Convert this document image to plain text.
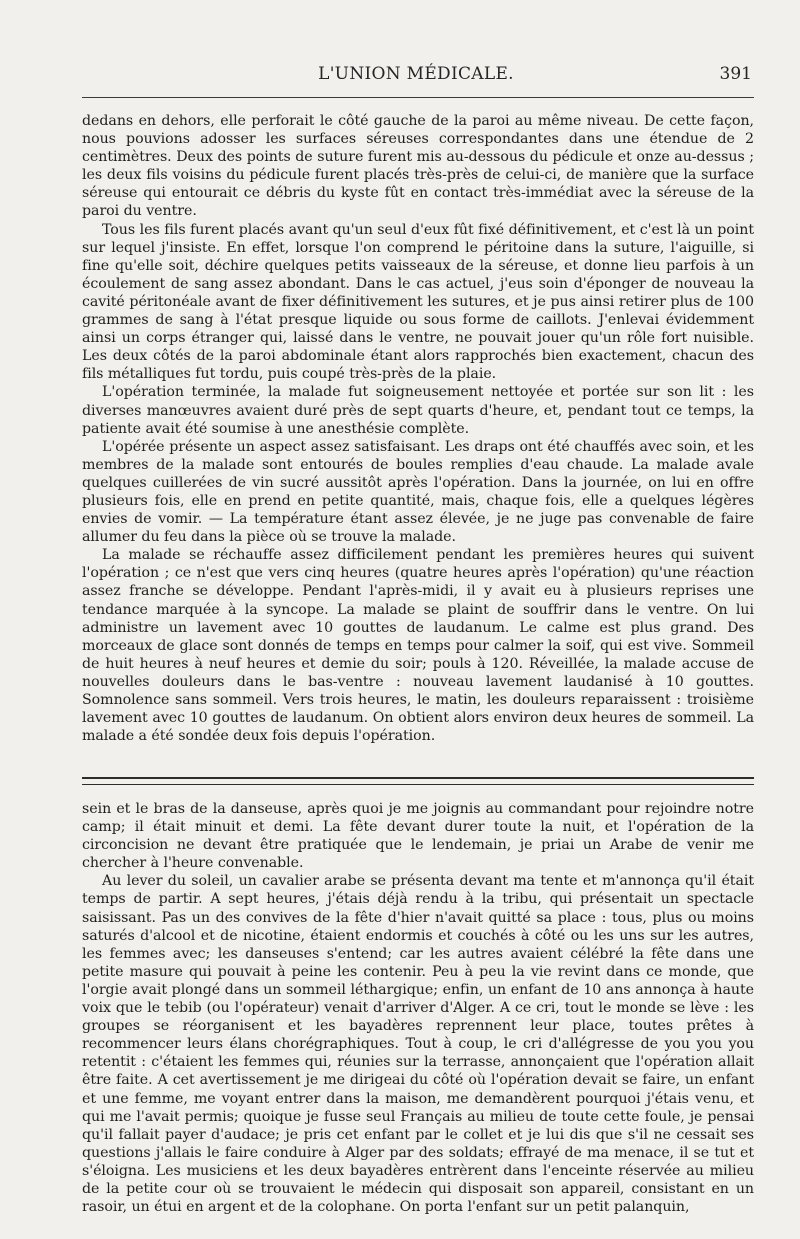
L'UNION MÉDICALE.	391

dedans en dehors, elle perforait le côté gauche de la paroi au même niveau. De cette façon, nous pouvions adosser les surfaces séreuses correspondantes dans une étendue de 2 centimètres. Deux des points de suture furent mis au-dessous du pédicule et onze au-dessus ; les deux fils voisins du pédicule furent placés très-près de celui-ci, de manière que la surface séreuse qui entourait ce débris du kyste fût en contact très-immédiat avec la séreuse de la paroi du ventre.

Tous les fils furent placés avant qu'un seul d'eux fût fixé définitivement, et c'est là un point sur lequel j'insiste. En effet, lorsque l'on comprend le péritoine dans la suture, l'aiguille, si fine qu'elle soit, déchire quelques petits vaisseaux de la séreuse, et donne lieu parfois à un écoulement de sang assez abondant. Dans le cas actuel, j'eus soin d'éponger de nouveau la cavité péritonéale avant de fixer définitivement les sutures, et je pus ainsi retirer plus de 100 grammes de sang à l'état presque liquide ou sous forme de caillots. J'enlevai évidemment ainsi un corps étranger qui, laissé dans le ventre, ne pouvait jouer qu'un rôle fort nuisible. Les deux côtés de la paroi abdominale étant alors rapprochés bien exactement, chacun des fils métalliques fut tordu, puis coupé très-près de la plaie.

L'opération terminée, la malade fut soigneusement nettoyée et portée sur son lit : les diverses manœuvres avaient duré près de sept quarts d'heure, et, pendant tout ce temps, la patiente avait été soumise à une anesthésie complète.

L'opérée présente un aspect assez satisfaisant. Les draps ont été chauffés avec soin, et les membres de la malade sont entourés de boules remplies d'eau chaude. La malade avale quelques cuillerées de vin sucré aussitôt après l'opération. Dans la journée, on lui en offre plusieurs fois, elle en prend en petite quantité, mais, chaque fois, elle a quelques légères envies de vomir. — La température étant assez élevée, je ne juge pas convenable de faire allumer du feu dans la pièce où se trouve la malade.

La malade se réchauffe assez difficilement pendant les premières heures qui suivent l'opération ; ce n'est que vers cinq heures (quatre heures après l'opération) qu'une réaction assez franche se développe. Pendant l'après-midi, il y avait eu à plusieurs reprises une tendance marquée à la syncope. La malade se plaint de souffrir dans le ventre. On lui administre un lavement avec 10 gouttes de laudanum. Le calme est plus grand. Des morceaux de glace sont donnés de temps en temps pour calmer la soif, qui est vive. Sommeil de huit heures à neuf heures et demie du soir; pouls à 120. Réveillée, la malade accuse de nouvelles douleurs dans le bas-ventre : nouveau lavement laudanisé à 10 gouttes. Somnolence sans sommeil. Vers trois heures, le matin, les douleurs reparaissent : troisième lavement avec 10 gouttes de laudanum. On obtient alors environ deux heures de sommeil. La malade a été sondée deux fois depuis l'opération.

sein et le bras de la danseuse, après quoi je me joignis au commandant pour rejoindre notre camp; il était minuit et demi. La fête devant durer toute la nuit, et l'opération de la circoncision ne devant être pratiquée que le lendemain, je priai un Arabe de venir me chercher à l'heure convenable.

Au lever du soleil, un cavalier arabe se présenta devant ma tente et m'annonça qu'il était temps de partir. A sept heures, j'étais déjà rendu à la tribu, qui présentait un spectacle saisissant. Pas un des convives de la fête d'hier n'avait quitté sa place : tous, plus ou moins saturés d'alcool et de nicotine, étaient endormis et couchés à côté ou les uns sur les autres, les femmes avec; les danseuses s'entend; car les autres avaient célébré la fête dans une petite masure qui pouvait à peine les contenir. Peu à peu la vie revint dans ce monde, que l'orgie avait plongé dans un sommeil léthargique; enfin, un enfant de 10 ans annonça à haute voix que le tebib (ou l'opérateur) venait d'arriver d'Alger. A ce cri, tout le monde se lève : les groupes se réorganisent et les bayadères reprennent leur place, toutes prêtes à recommencer leurs élans chorégraphiques. Tout à coup, le cri d'allégresse de you you you retentit : c'étaient les femmes qui, réunies sur la terrasse, annonçaient que l'opération allait être faite. A cet avertissement je me dirigeai du côté où l'opération devait se faire, un enfant et une femme, me voyant entrer dans la maison, me demandèrent pourquoi j'étais venu, et qui me l'avait permis; quoique je fusse seul Français au milieu de toute cette foule, je pensai qu'il fallait payer d'audace; je pris cet enfant par le collet et je lui dis que s'il ne cessait ses questions j'allais le faire conduire à Alger par des soldats; effrayé de ma menace, il se tut et s'éloigna. Les musiciens et les deux bayadères entrèrent dans l'enceinte réservée au milieu de la petite cour où se trouvaient le médecin qui disposait son appareil, consistant en un rasoir, un étui en argent et de la colophane. On porta l'enfant sur un petit palanquin,
